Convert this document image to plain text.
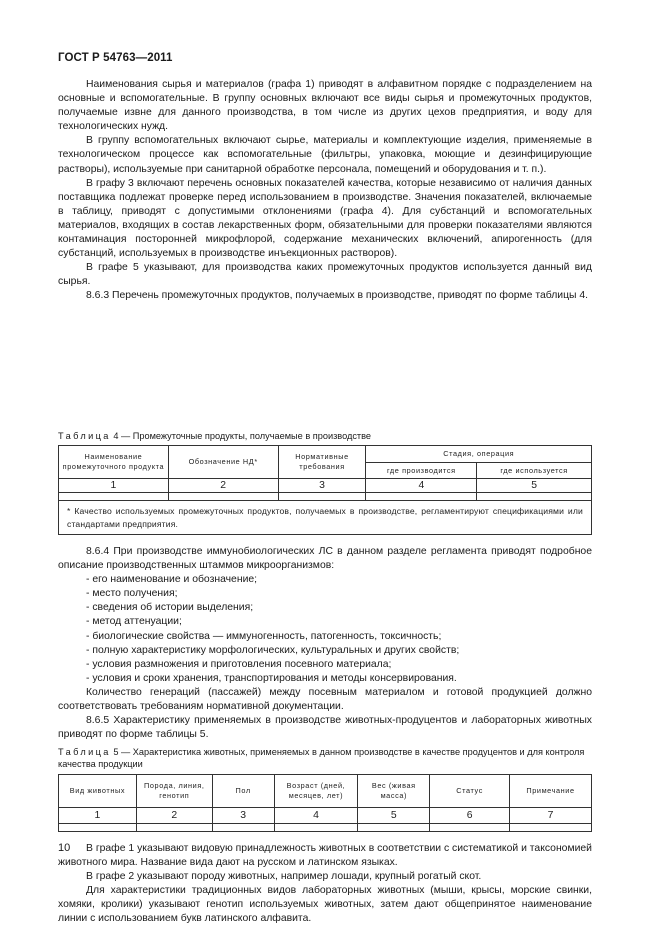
ГОСТ Р 54763—2011

Наименования сырья и материалов (графа 1) приводят в алфавитном порядке с подразделением на основные и вспомогательные. В группу основных включают все виды сырья и промежуточных продуктов, получаемые извне для данного производства, в том числе из других цехов предприятия, и воду для технологических нужд.

В группу вспомогательных включают сырье, материалы и комплектующие изделия, применяемые в технологическом процессе как вспомогательные (фильтры, упаковка, моющие и дезинфицирующие растворы), используемые при санитарной обработке персонала, помещений и оборудования и т. п.).

В графу 3 включают перечень основных показателей качества, которые независимо от наличия данных поставщика подлежат проверке перед использованием в производстве. Значения показателей, включаемые в таблицу, приводят с допустимыми отклонениями (графа 4). Для субстанций и вспомогательных материалов, входящих в состав лекарственных форм, обязательными для проверки показателями являются контаминация посторонней микрофлорой, содержание механических включений, апирогенность (для субстанций, используемых в производстве инъекционных растворов).

В графе 5 указывают, для производства каких промежуточных продуктов используется данный вид сырья.

8.6.3 Перечень промежуточных продуктов, получаемых в производстве, приводят по форме таблицы 4.

Таблица 4 — Промежуточные продукты, получаемые в производстве
Наименование промежуточного продукта	Обозначение НД*	Нормативные требования	Стадия, операция	
			где производится	где используется
1	2	3	4	5

* Качество используемых промежуточных продуктов, получаемых в производстве, регламентируют спецификациями или стандартами предприятия.				

8.6.4 При производстве иммунобиологических ЛС в данном разделе регламента приводят подробное описание производственных штаммов микроорганизмов:

- его наименование и обозначение;

- место получения;

- сведения об истории выделения;

- метод аттенуации;

- биологические свойства — иммуногенность, патогенность, токсичность;

- полную характеристику морфологических, культуральных и других свойств;

- условия размножения и приготовления посевного материала;

- условия и сроки хранения, транспортирования и методы консервирования.

Количество генераций (пассажей) между посевным материалом и готовой продукцией должно соответствовать требованиям нормативной документации.

8.6.5 Характеристику применяемых в производстве животных-продуцентов и лабораторных животных приводят по форме таблицы 5.

Таблица 5 — Характеристика животных, применяемых в данном производстве в качестве продуцентов и для контроля качества продукции
Вид животных	Порода, линия, генотип	Пол	Возраст (дней, месяцев, лет)	Вес (живая масса)	Статус	Примечание
1	2	3	4	5	6	7

В графе 1 указывают видовую принадлежность животных в соответствии с систематикой и таксономией животного мира. Название вида дают на русском и латинском языках.

В графе 2 указывают породу животных, например лошади, крупный рогатый скот.

Для характеристики традиционных видов лабораторных животных (мыши, крысы, морские свинки, хомяки, кролики) указывают генотип используемых животных, затем дают общепринятое наименование линии с использованием букв латинского алфавита.

10
